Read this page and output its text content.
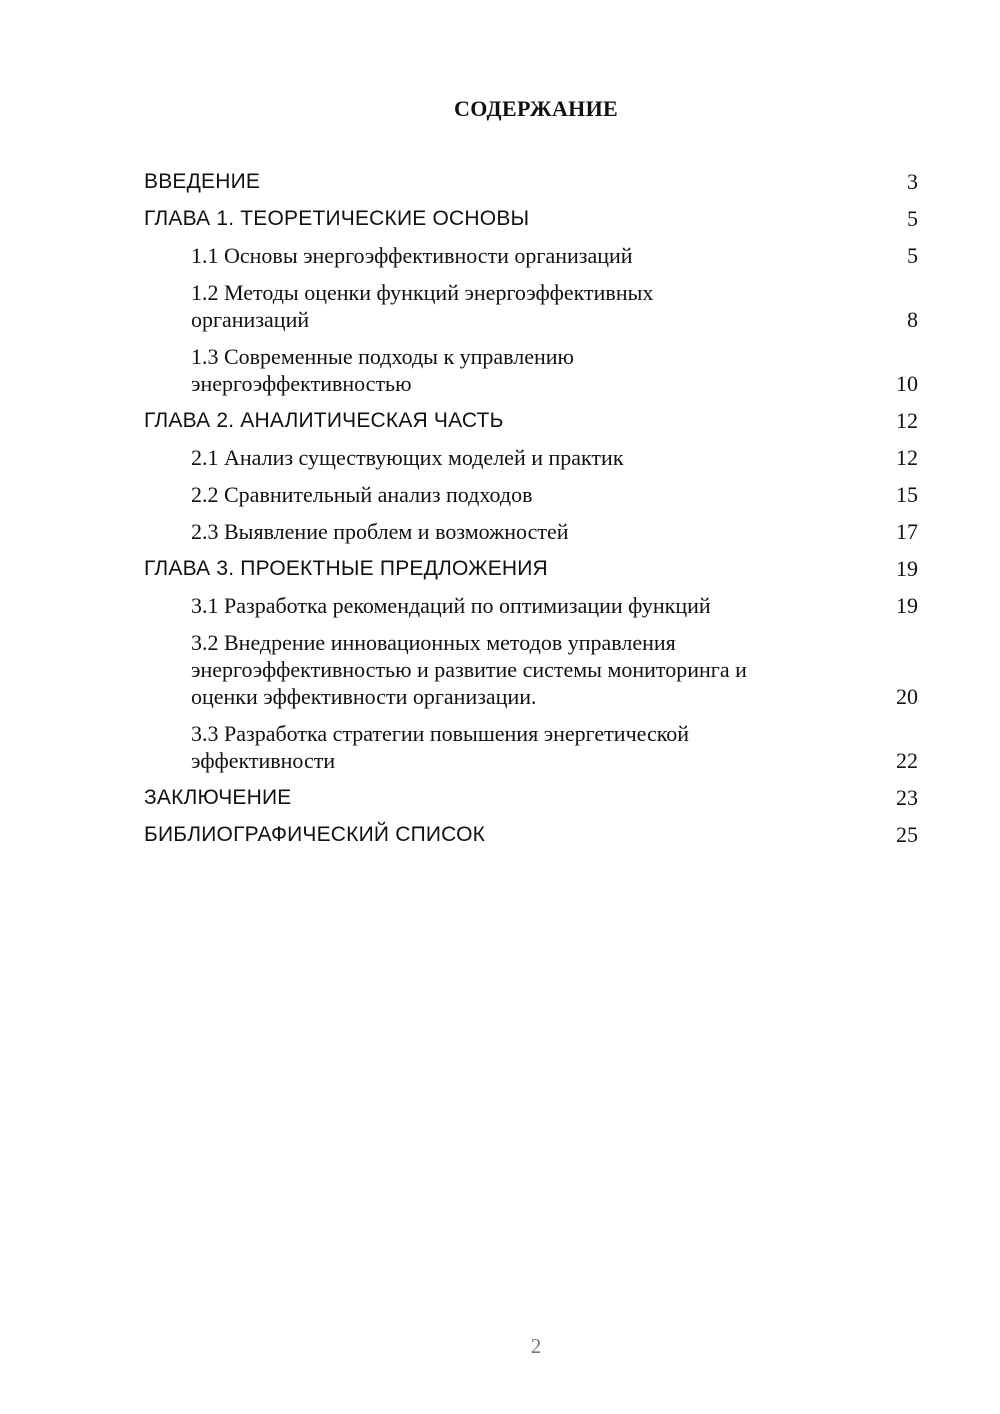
СОДЕРЖАНИЕ
ВВЕДЕНИЕ	3
ГЛАВА 1. ТЕОРЕТИЧЕСКИЕ ОСНОВЫ	5
1.1 Основы энергоэффективности организаций	5
1.2 Методы оценки функций энергоэффективных
организаций	8
1.3 Современные подходы к управлению
энергоэффективностью	10
ГЛАВА 2. АНАЛИТИЧЕСКАЯ ЧАСТЬ	12
2.1 Анализ существующих моделей и практик	12
2.2 Сравнительный анализ подходов	15
2.3 Выявление проблем и возможностей	17
ГЛАВА 3. ПРОЕКТНЫЕ ПРЕДЛОЖЕНИЯ	19
3.1 Разработка рекомендаций по оптимизации функций	19
3.2 Внедрение инновационных методов управления
энергоэффективностью и развитие системы мониторинга и
оценки эффективности организации.	20
3.3 Разработка стратегии повышения энергетической
эффективности	22
ЗАКЛЮЧЕНИЕ	23
БИБЛИОГРАФИЧЕСКИЙ СПИСОК	25
2
